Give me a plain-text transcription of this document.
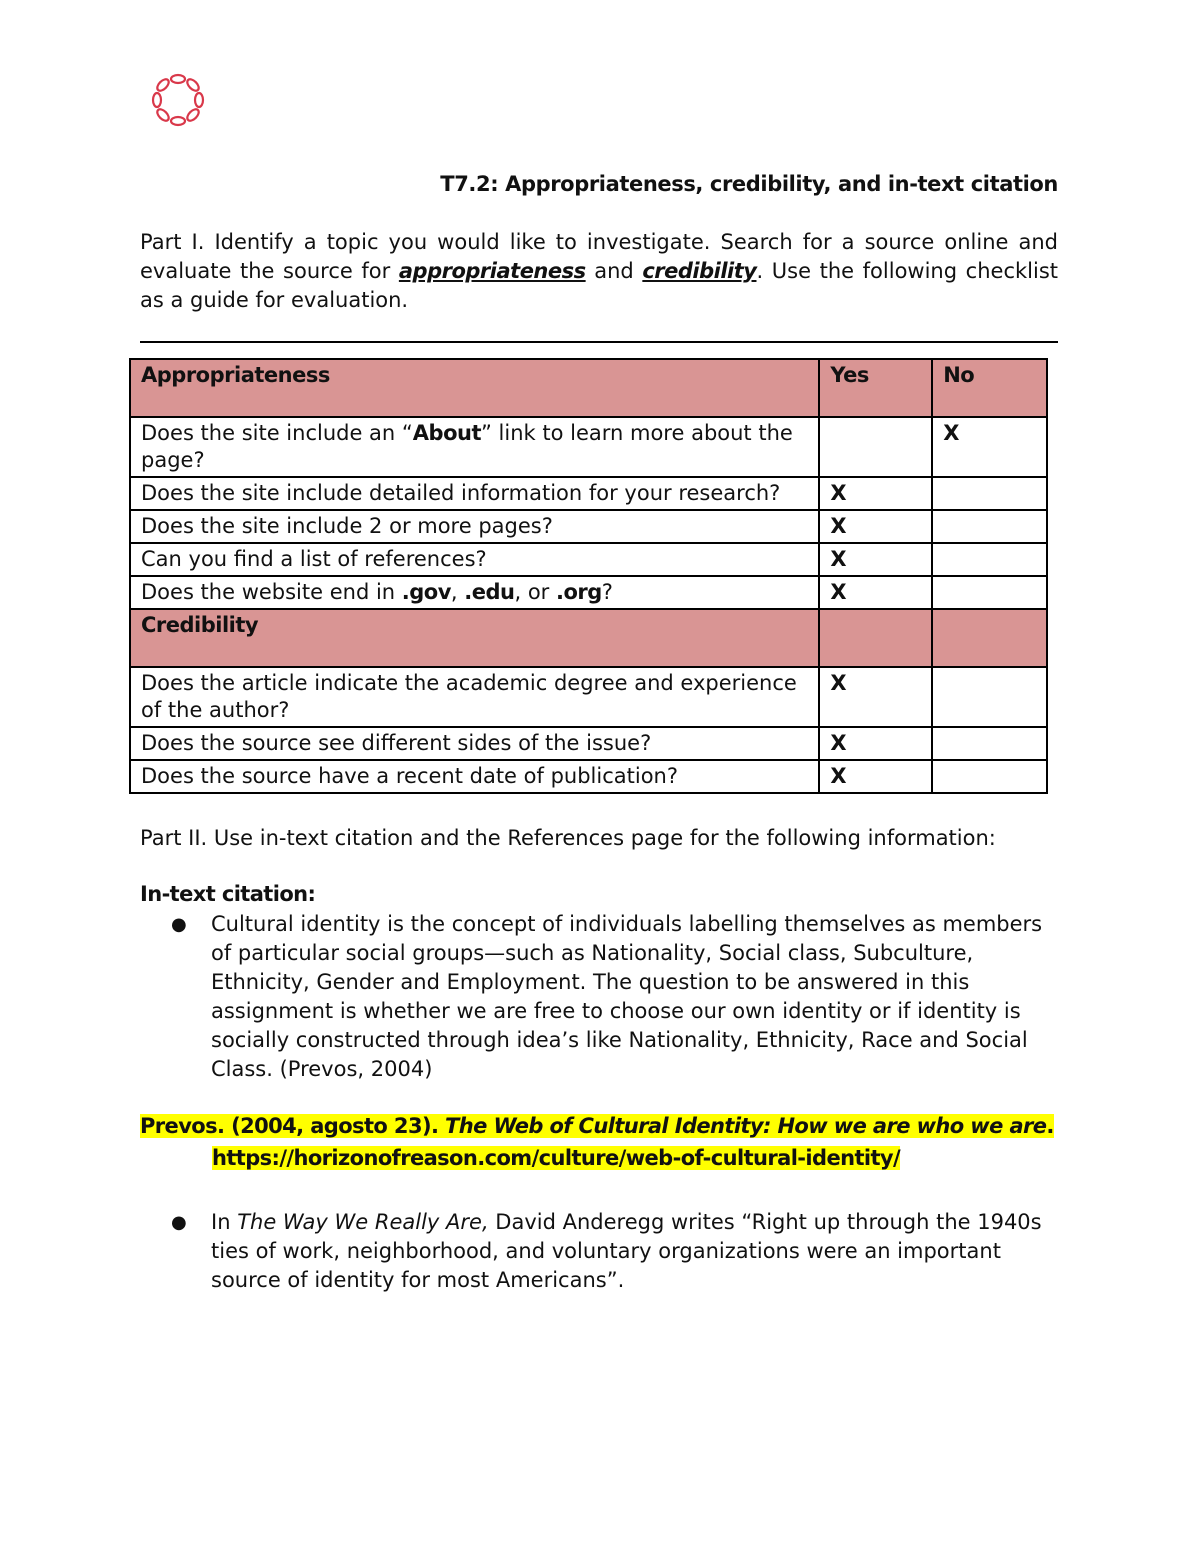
T7.2: Appropriateness, credibility, and in-text citation
Part I. Identify a topic you would like to investigate. Search for a source online and evaluate the source for appropriateness and credibility. Use the following checklist as a guide for evaluation.
Appropriateness	Yes	No
Does the site include an “About” link to learn more about the page?		X
Does the site include detailed information for your research?	X	
Does the site include 2 or more pages?	X	
Can you find a list of references?	X	
Does the website end in .gov, .edu, or .org?	X	
Credibility		
Does the article indicate the academic degree and experience of the author?	X	
Does the source see different sides of the issue?	X	
Does the source have a recent date of publication?	X	
Part II. Use in-text citation and the References page for the following information:
In-text citation:
● Cultural identity is the concept of individuals labelling themselves as members of particular social groups—such as Nationality, Social class, Subculture, Ethnicity, Gender and Employment. The question to be answered in this assignment is whether we are free to choose our own identity or if identity is socially constructed through idea’s like Nationality, Ethnicity, Race and Social Class. (Prevos, 2004)
Prevos. (2004, agosto 23). The Web of Cultural Identity: How we are who we are.
https://horizonofreason.com/culture/web-of-cultural-identity/
● In The Way We Really Are, David Anderegg writes “Right up through the 1940s ties of work, neighborhood, and voluntary organizations were an important source of identity for most Americans”.
